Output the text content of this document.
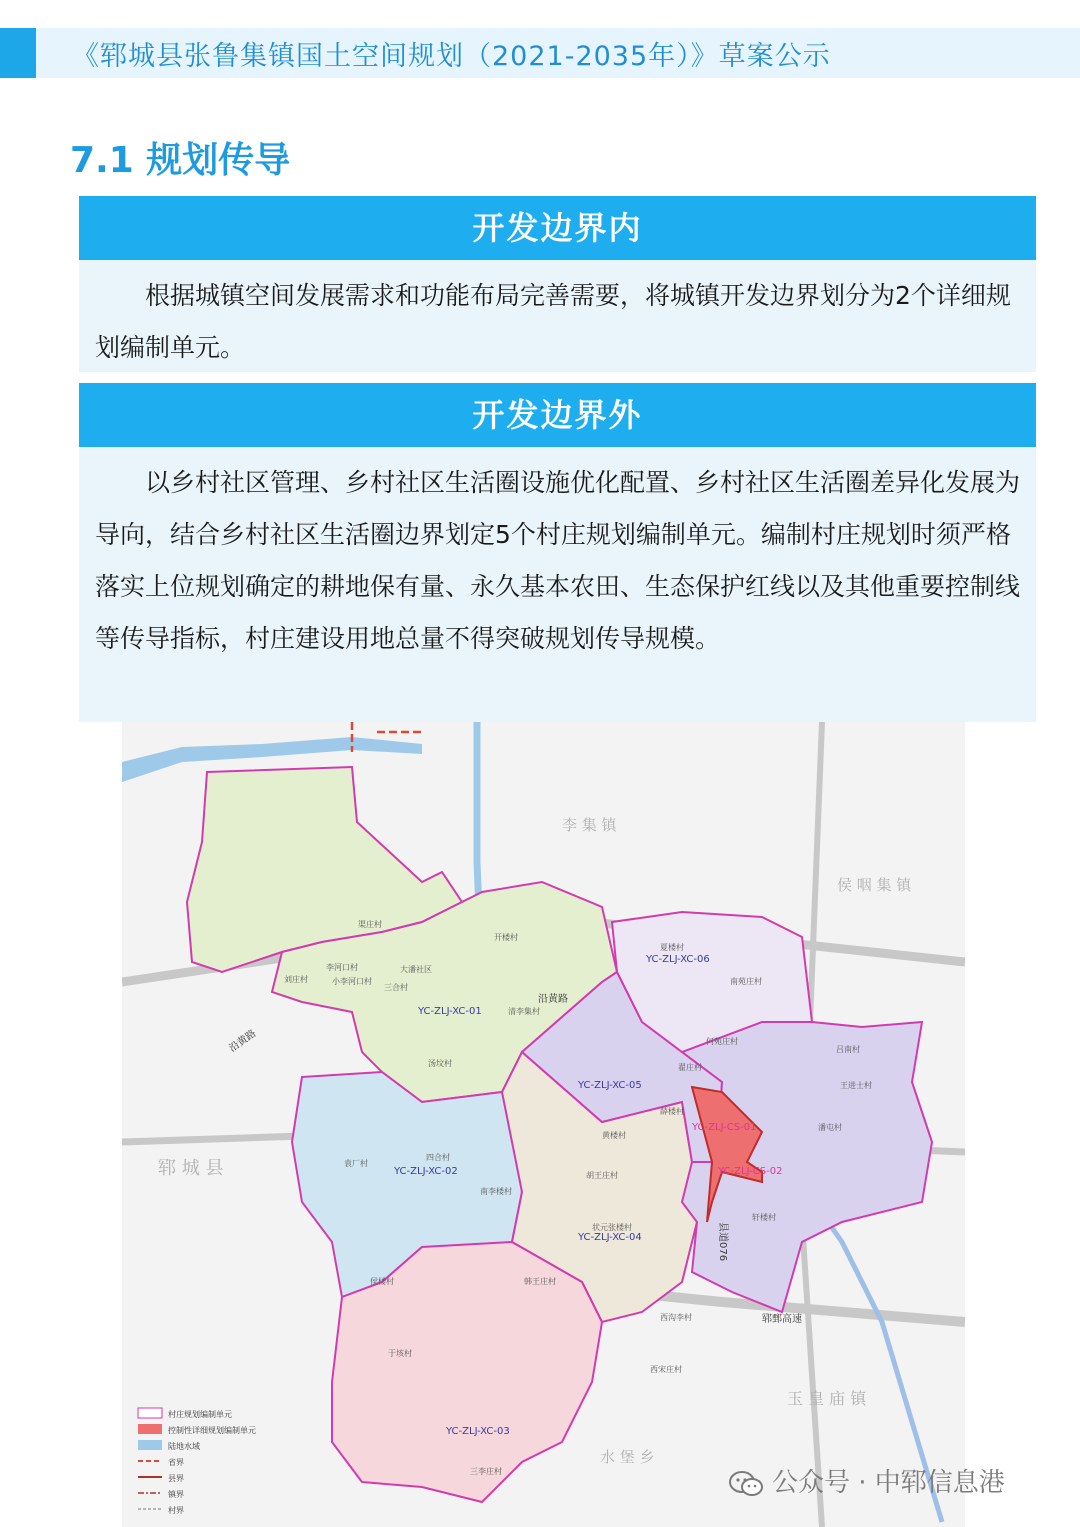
《郓城县张鲁集镇国土空间规划（2021-2035年）》草案公示
7.1 规划传导
开发边界内
根据城镇空间发展需求和功能布局完善需要，将城镇开发边界划分为2个详细规划编制单元。
开发边界外
以乡村社区管理、乡村社区生活圈设施优化配置、乡村社区生活圈差异化发展为导向，结合乡村社区生活圈边界划定5个村庄规划编制单元。编制村庄规划时须严格落实上位规划确定的耕地保有量、永久基本农田、生态保护红线以及其他重要控制线等传导指标，村庄建设用地总量不得突破规划传导规模。
YC-ZLJ-XC-01
YC-ZLJ-XC-02
YC-ZLJ-XC-03
YC-ZLJ-XC-04
YC-ZLJ-XC-05
YC-ZLJ-XC-06
YC-ZLJ-CS-01
YC-ZLJ-CS-02
李 集 镇
侯 咽 集 镇
郓 城 县
玉 皇 庙 镇
水 堡 乡
沿黄路
沿黄路
郓鄄高速
县道076
渠庄村
开楼村
大潘社区
三合村
清李集村
刘庄村
李河口村
小李河口村
汤坟村
夏楼村
南苑庄村
何苑庄村
吕南村
王进士村
薛楼村
黄楼村
翟庄村
潘屯村
轩楼村
袁厂村
四合村
南李楼村
胡王庄村
状元张楼村
侯楼村
于垓村
西沟李村
西宋庄村
三李庄村
韩王庄村
村庄规划编制单元
控制性详细规划编制单元
陆地水域
省界
县界
镇界
村界
公众号 · 中郓信息港
